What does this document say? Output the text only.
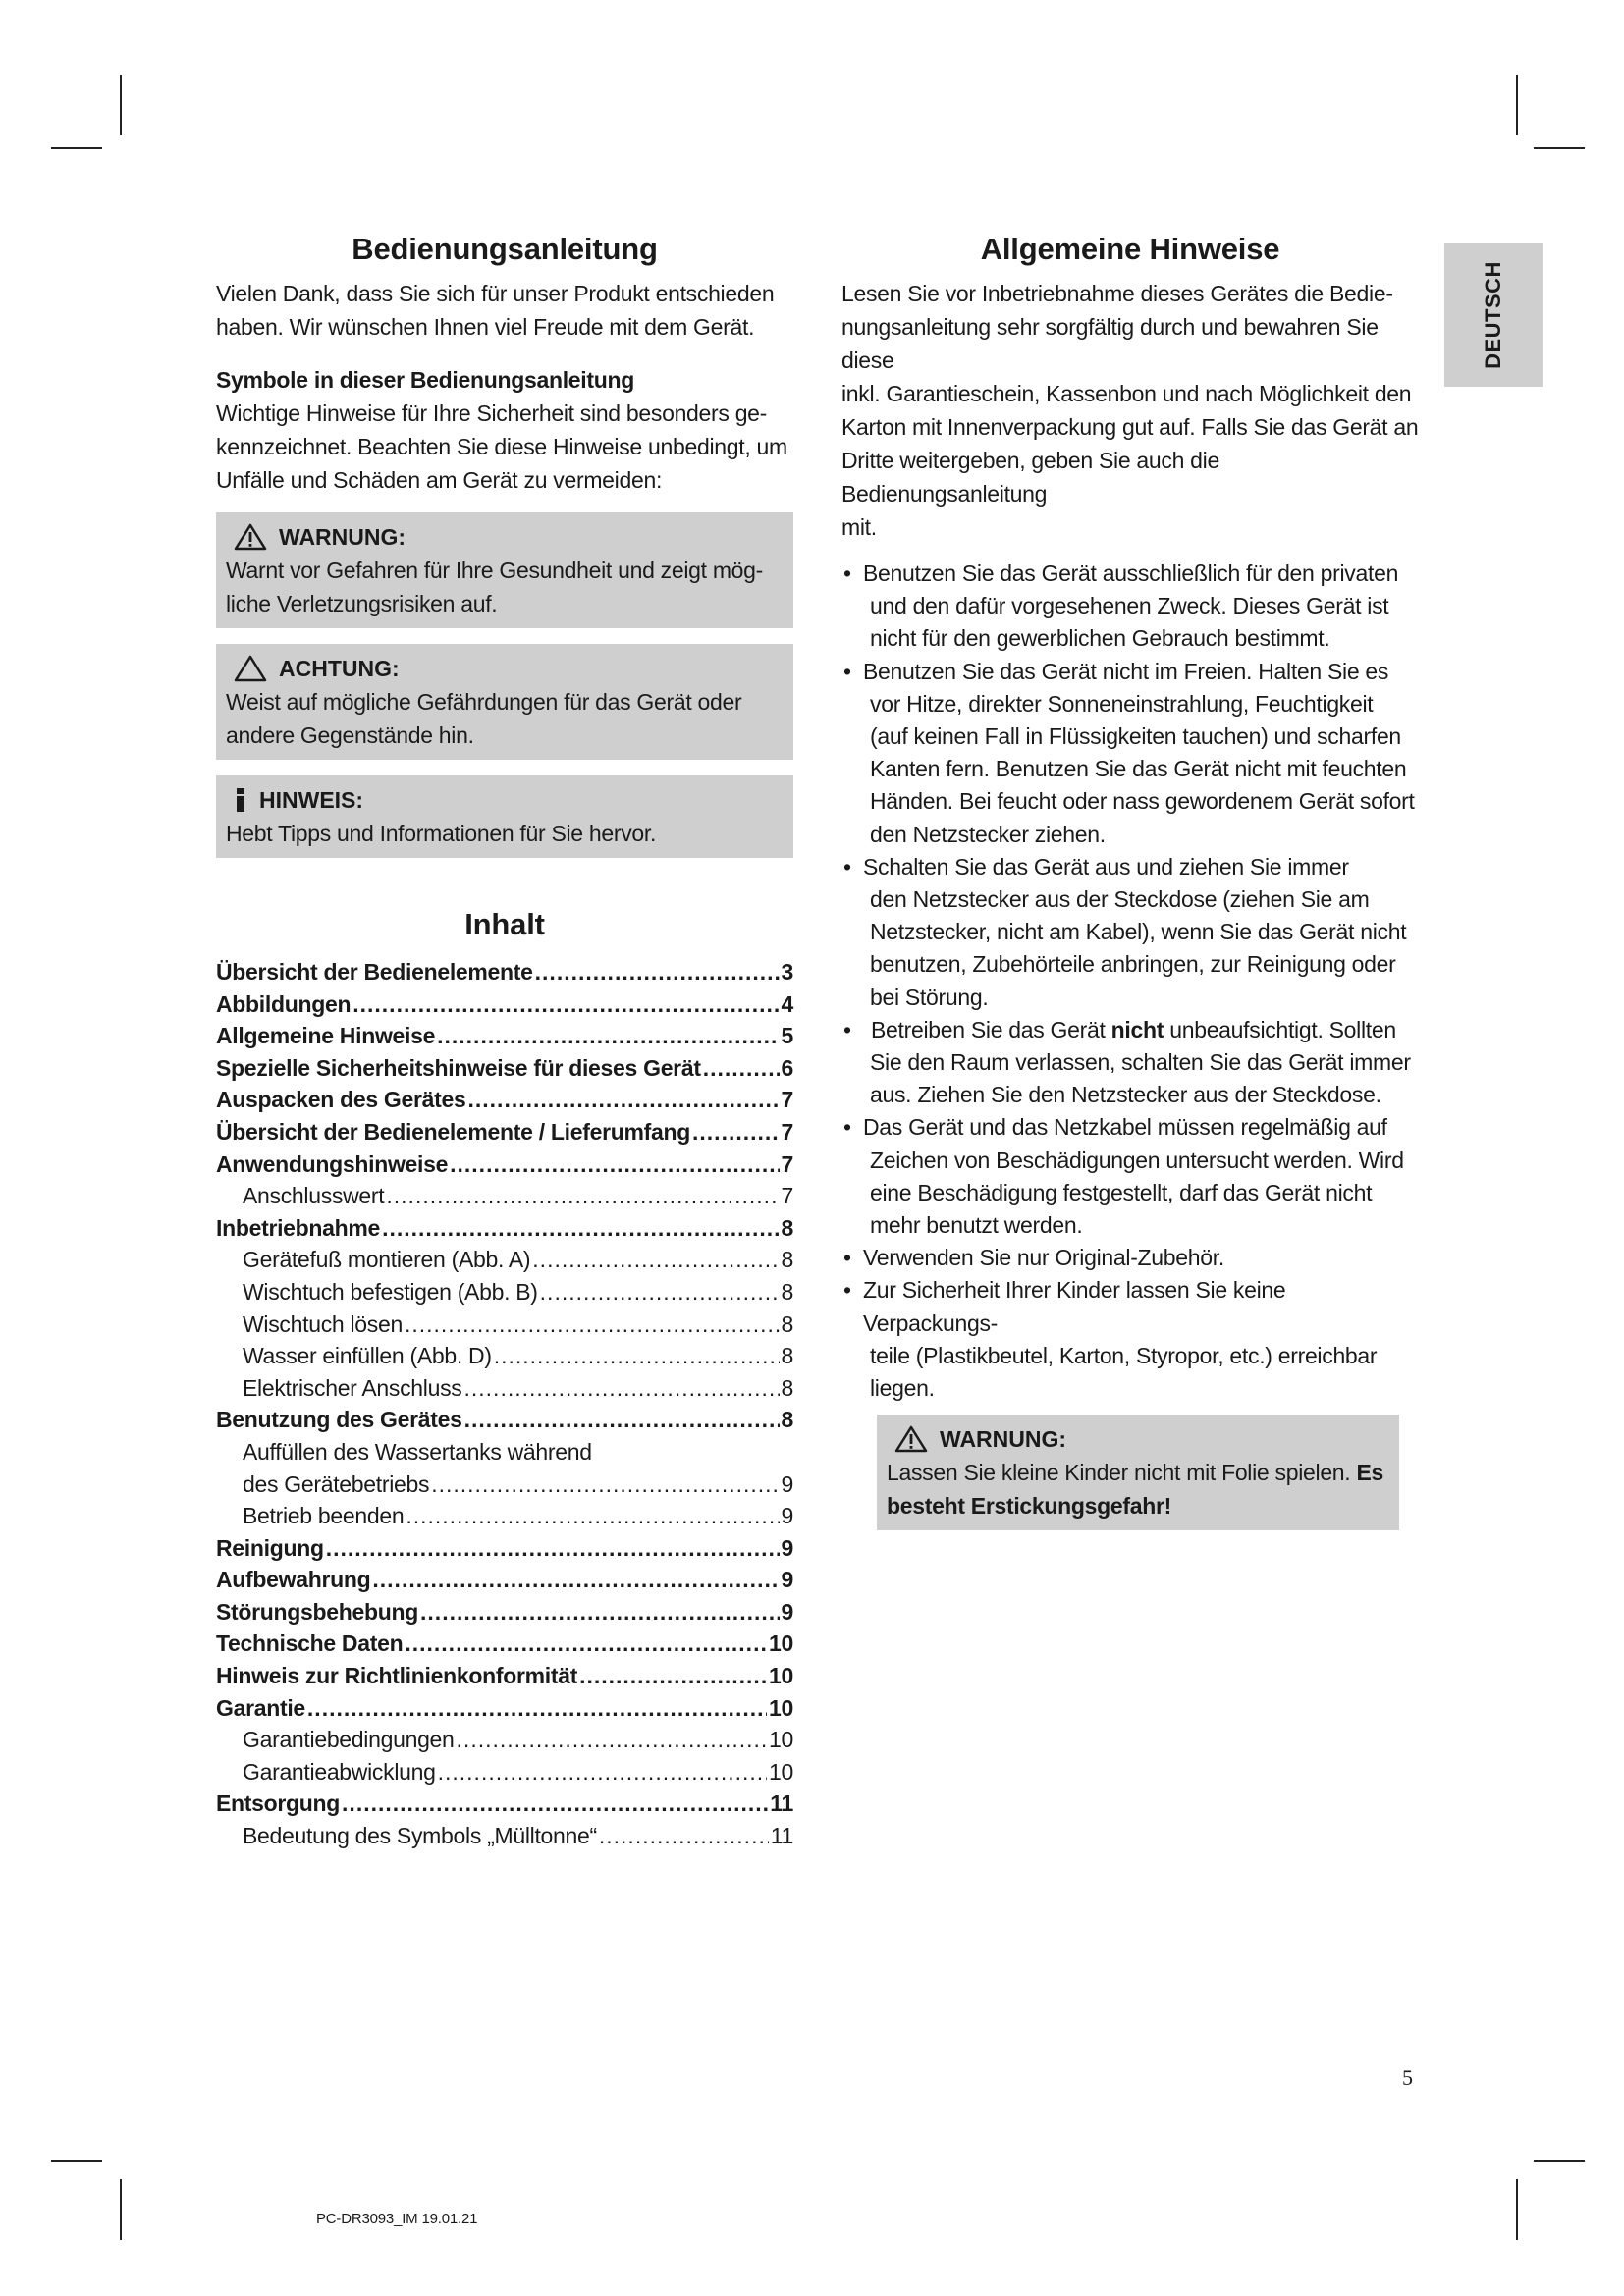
DEUTSCH
Bedienungsanleitung

Vielen Dank, dass Sie sich für unser Produkt entschieden

haben. Wir wünschen Ihnen viel Freude mit dem Gerät.

Symbole in dieser Bedienungsanleitung

Wichtige Hinweise für Ihre Sicherheit sind besonders ge-

kennzeichnet. Beachten Sie diese Hinweise unbedingt, um

Unfälle und Schäden am Gerät zu vermeiden:

WARNUNG:

Warnt vor Gefahren für Ihre Gesundheit und zeigt mög-

liche Verletzungsrisiken auf.

ACHTUNG:

Weist auf mögliche Gefährdungen für das Gerät oder

andere Gegenstände hin.

HINWEIS:

Hebt Tipps und Informationen für Sie hervor.

Inhalt
Übersicht der Bedienelemente .....	3
Abbildungen .....	4
Allgemeine Hinweise .....	5
Spezielle Sicherheitshinweise für dieses Gerät .....	6
Auspacken des Gerätes .....	7
Übersicht der Bedienelemente / Lieferumfang .....	7
Anwendungshinweise .....	7
Anschlusswert .....	7
Inbetriebnahme .....	8
Gerätefuß montieren (Abb. A) .....	8
Wischtuch befestigen (Abb. B) .....	8
Wischtuch lösen .....	8
Wasser einfüllen (Abb. D) .....	8
Elektrischer Anschluss .....	8
Benutzung des Gerätes .....	8
Auffüllen des Wassertanks während
des Gerätebetriebs .....	9
Betrieb beenden .....	9
Reinigung .....	9
Aufbewahrung .....	9
Störungsbehebung .....	9
Technische Daten .....	10
Hinweis zur Richtlinienkonformität .....	10
Garantie .....	10
Garantiebedingungen .....	10
Garantieabwicklung .....	10
Entsorgung .....	11
Bedeutung des Symbols „Mülltonne“ .....	11
Allgemeine Hinweise

Lesen Sie vor Inbetriebnahme dieses Gerätes die Bedie-

nungsanleitung sehr sorgfältig durch und bewahren Sie diese

inkl. Garantieschein, Kassenbon und nach Möglichkeit den

Karton mit Innenverpackung gut auf. Falls Sie das Gerät an

Dritte weitergeben, geben Sie auch die Bedienungsanleitung

mit.

• Benutzen Sie das Gerät ausschließlich für den privaten
und den dafür vorgesehenen Zweck. Dieses Gerät ist
nicht für den gewerblichen Gebrauch bestimmt.
• Benutzen Sie das Gerät nicht im Freien. Halten Sie es
vor Hitze, direkter Sonneneinstrahlung, Feuchtigkeit
(auf keinen Fall in Flüssigkeiten tauchen) und scharfen
Kanten fern. Benutzen Sie das Gerät nicht mit feuchten
Händen. Bei feucht oder nass gewordenem Gerät sofort
den Netzstecker ziehen.
• Schalten Sie das Gerät aus und ziehen Sie immer
den Netzstecker aus der Steckdose (ziehen Sie am
Netzstecker, nicht am Kabel), wenn Sie das Gerät nicht
benutzen, Zubehörteile anbringen, zur Reinigung oder
bei Störung.
• Betreiben Sie das Gerät nicht unbeaufsichtigt. Sollten
Sie den Raum verlassen, schalten Sie das Gerät immer
aus. Ziehen Sie den Netzstecker aus der Steckdose.
• Das Gerät und das Netzkabel müssen regelmäßig auf
Zeichen von Beschädigungen untersucht werden. Wird
eine Beschädigung festgestellt, darf das Gerät nicht
mehr benutzt werden.
• Verwenden Sie nur Original-Zubehör.
• Zur Sicherheit Ihrer Kinder lassen Sie keine Verpackungs-
teile (Plastikbeutel, Karton, Styropor, etc.) erreichbar
liegen.
WARNUNG:

Lassen Sie kleine Kinder nicht mit Folie spielen. Es

besteht Erstickungsgefahr!

5
PC-DR3093_IM 19.01.21
